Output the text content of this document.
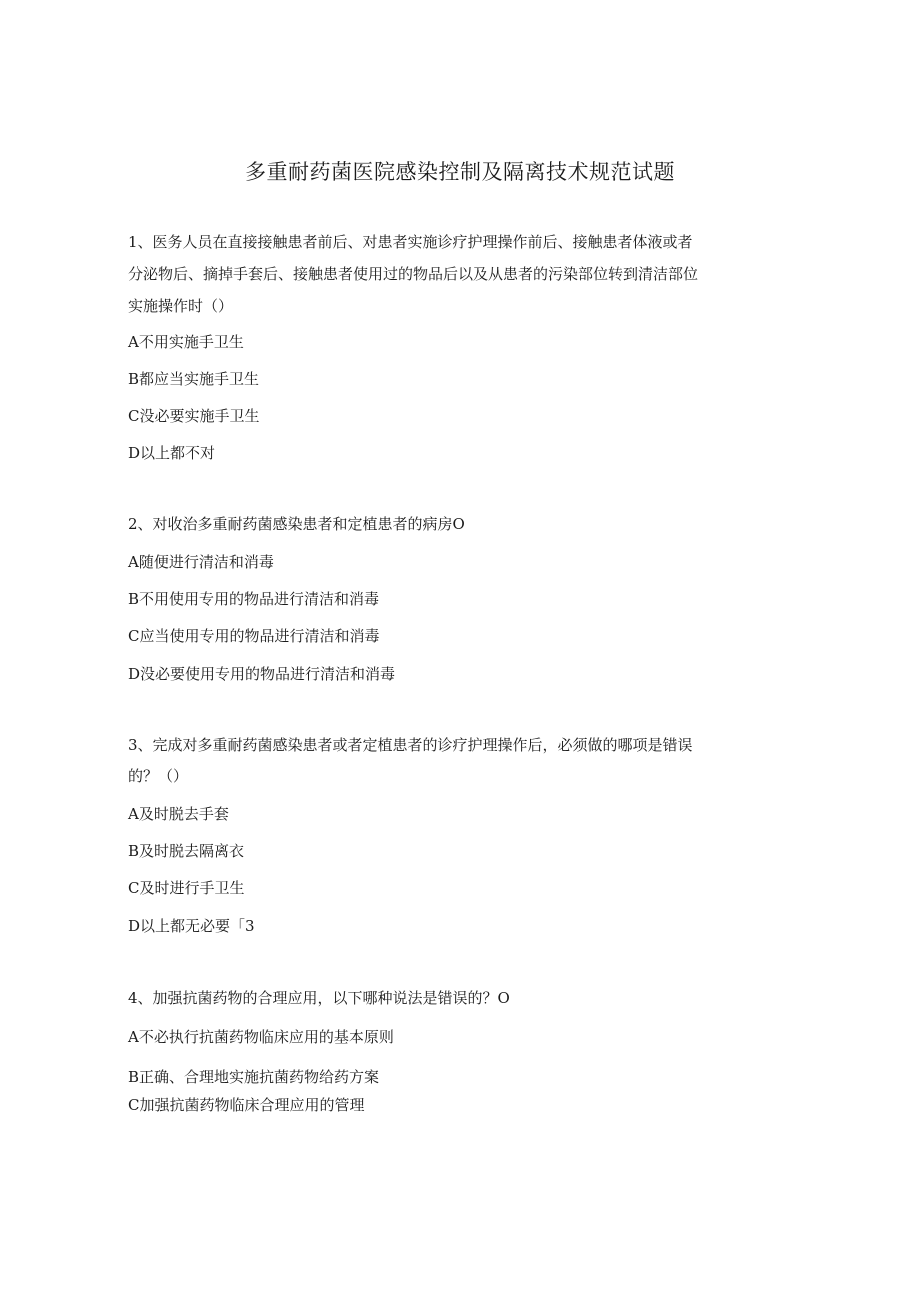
多重耐药菌医院感染控制及隔离技术规范试题
1、医务人员在直接接触患者前后、对患者实施诊疗护理操作前后、接触患者体液或者
分泌物后、摘掉手套后、接触患者使用过的物品后以及从患者的污染部位转到清洁部位
实施操作时（）
A不用实施手卫生
B都应当实施手卫生
C没必要实施手卫生
D以上都不对
2、对收治多重耐药菌感染患者和定植患者的病房O
A随便进行清洁和消毒
B不用使用专用的物品进行清洁和消毒
C应当使用专用的物品进行清洁和消毒
D没必要使用专用的物品进行清洁和消毒
3、完成对多重耐药菌感染患者或者定植患者的诊疗护理操作后，必须做的哪项是错误
的？（）
A及时脱去手套
B及时脱去隔离衣
C及时进行手卫生
D以上都无必要「3
4、加强抗菌药物的合理应用，以下哪种说法是错误的？O
A不必执行抗菌药物临床应用的基本原则
B正确、合理地实施抗菌药物给药方案
C加强抗菌药物临床合理应用的管理
